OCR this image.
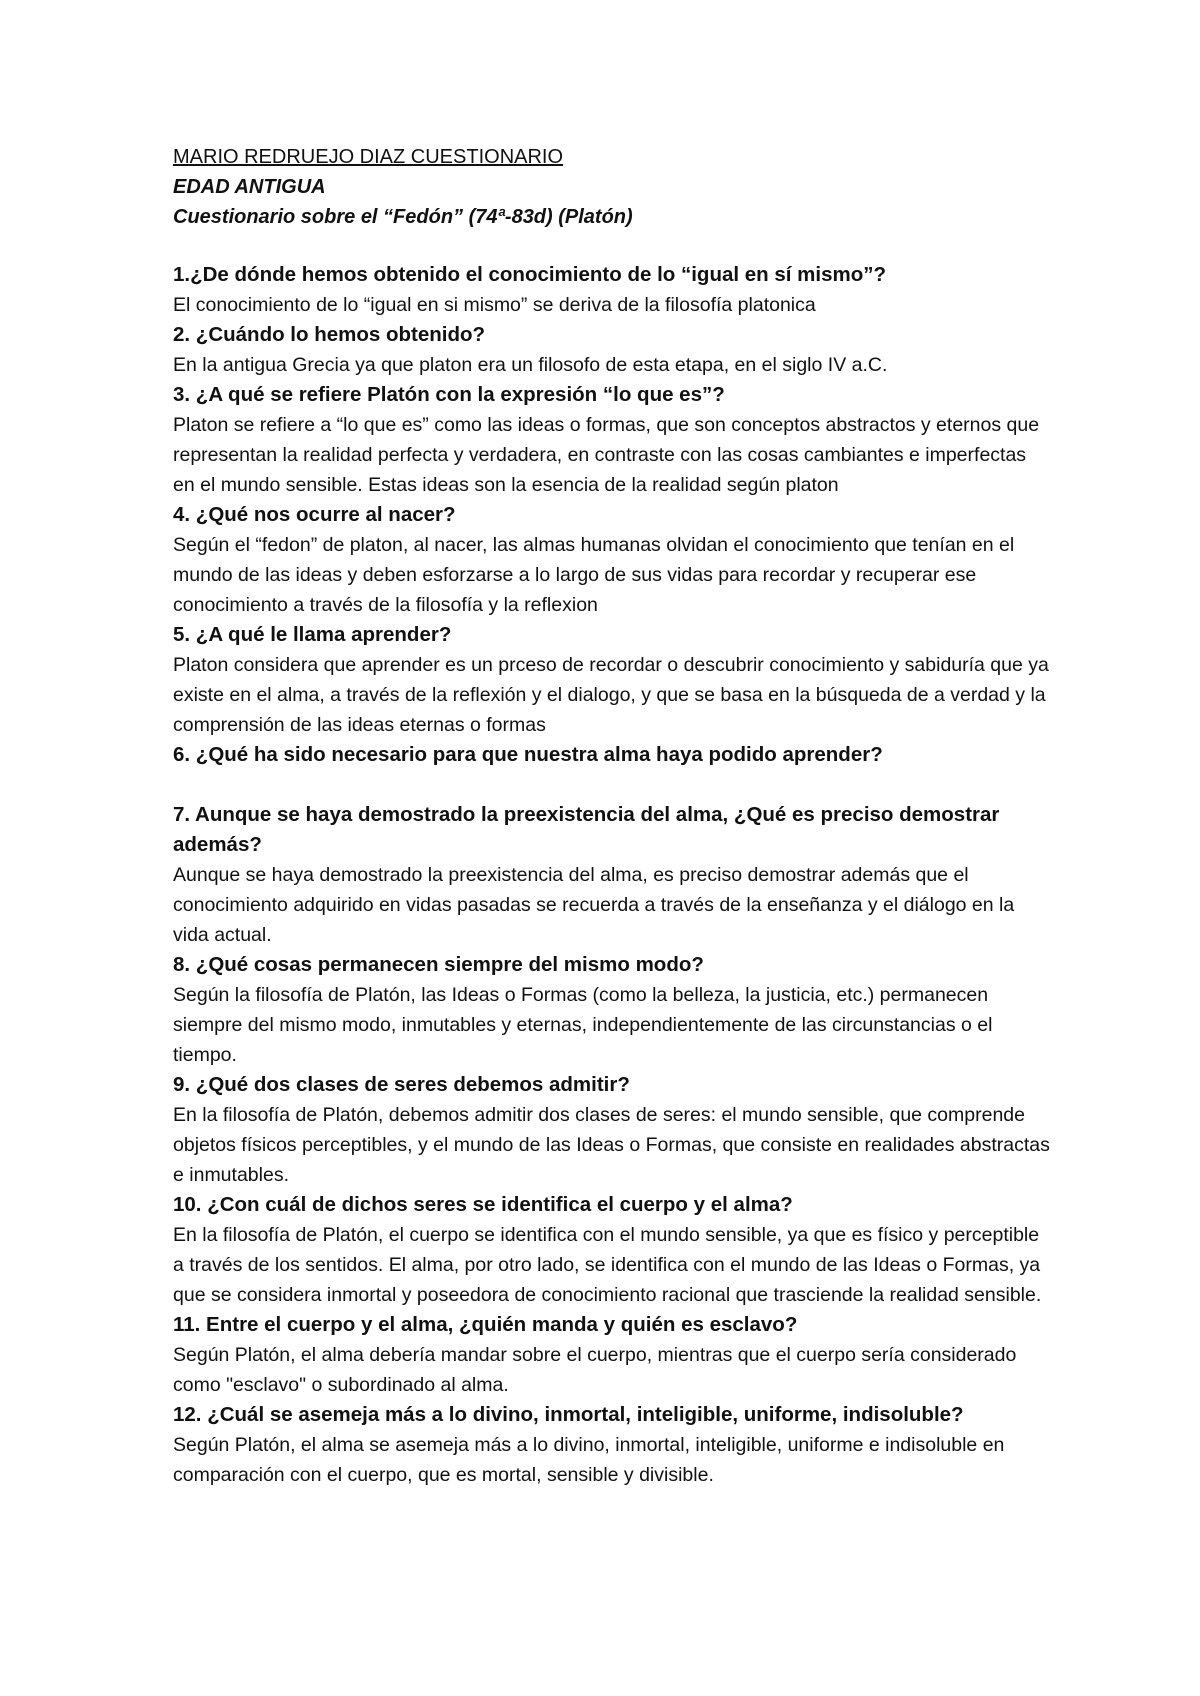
MARIO REDRUEJO DIAZ CUESTIONARIO

EDAD ANTIGUA

Cuestionario sobre el “Fedón” (74ª-83d) (Platón)

1.¿De dónde hemos obtenido el conocimiento de lo “igual en sí mismo”?

El conocimiento de lo “igual en si mismo” se deriva de la filosofía platonica

2. ¿Cuándo lo hemos obtenido?

En la antigua Grecia ya que platon era un filosofo de esta etapa, en el siglo IV a.C.

3. ¿A qué se refiere Platón con la expresión “lo que es”?

Platon se refiere a “lo que es” como las ideas o formas, que son conceptos abstractos y eternos que representan la realidad perfecta y verdadera, en contraste con las cosas cambiantes e imperfectas en el mundo sensible. Estas ideas son la esencia de la realidad según platon

4. ¿Qué nos ocurre al nacer?

Según el “fedon” de platon, al nacer, las almas humanas olvidan el conocimiento que tenían en el mundo de las ideas y deben esforzarse a lo largo de sus vidas para recordar y recuperar ese conocimiento a través de la filosofía y la reflexion

5. ¿A qué le llama aprender?

Platon considera que aprender es un prceso de recordar o descubrir conocimiento y sabiduría que ya existe en el alma, a través de la reflexión y el dialogo, y que se basa en la búsqueda de a verdad y la comprensión de las ideas eternas o formas

6. ¿Qué ha sido necesario para que nuestra alma haya podido aprender?

7. Aunque se haya demostrado la preexistencia del alma, ¿Qué es preciso demostrar además?

Aunque se haya demostrado la preexistencia del alma, es preciso demostrar además que el conocimiento adquirido en vidas pasadas se recuerda a través de la enseñanza y el diálogo en la vida actual.

8. ¿Qué cosas permanecen siempre del mismo modo?

Según la filosofía de Platón, las Ideas o Formas (como la belleza, la justicia, etc.) permanecen siempre del mismo modo, inmutables y eternas, independientemente de las circunstancias o el tiempo.

9. ¿Qué dos clases de seres debemos admitir?

En la filosofía de Platón, debemos admitir dos clases de seres: el mundo sensible, que comprende objetos físicos perceptibles, y el mundo de las Ideas o Formas, que consiste en realidades abstractas e inmutables.

10. ¿Con cuál de dichos seres se identifica el cuerpo y el alma?

En la filosofía de Platón, el cuerpo se identifica con el mundo sensible, ya que es físico y perceptible a través de los sentidos. El alma, por otro lado, se identifica con el mundo de las Ideas o Formas, ya que se considera inmortal y poseedora de conocimiento racional que trasciende la realidad sensible.

11. Entre el cuerpo y el alma, ¿quién manda y quién es esclavo?

Según Platón, el alma debería mandar sobre el cuerpo, mientras que el cuerpo sería considerado como "esclavo" o subordinado al alma.

12. ¿Cuál se asemeja más a lo divino, inmortal, inteligible, uniforme, indisoluble?

Según Platón, el alma se asemeja más a lo divino, inmortal, inteligible, uniforme e indisoluble en comparación con el cuerpo, que es mortal, sensible y divisible.
